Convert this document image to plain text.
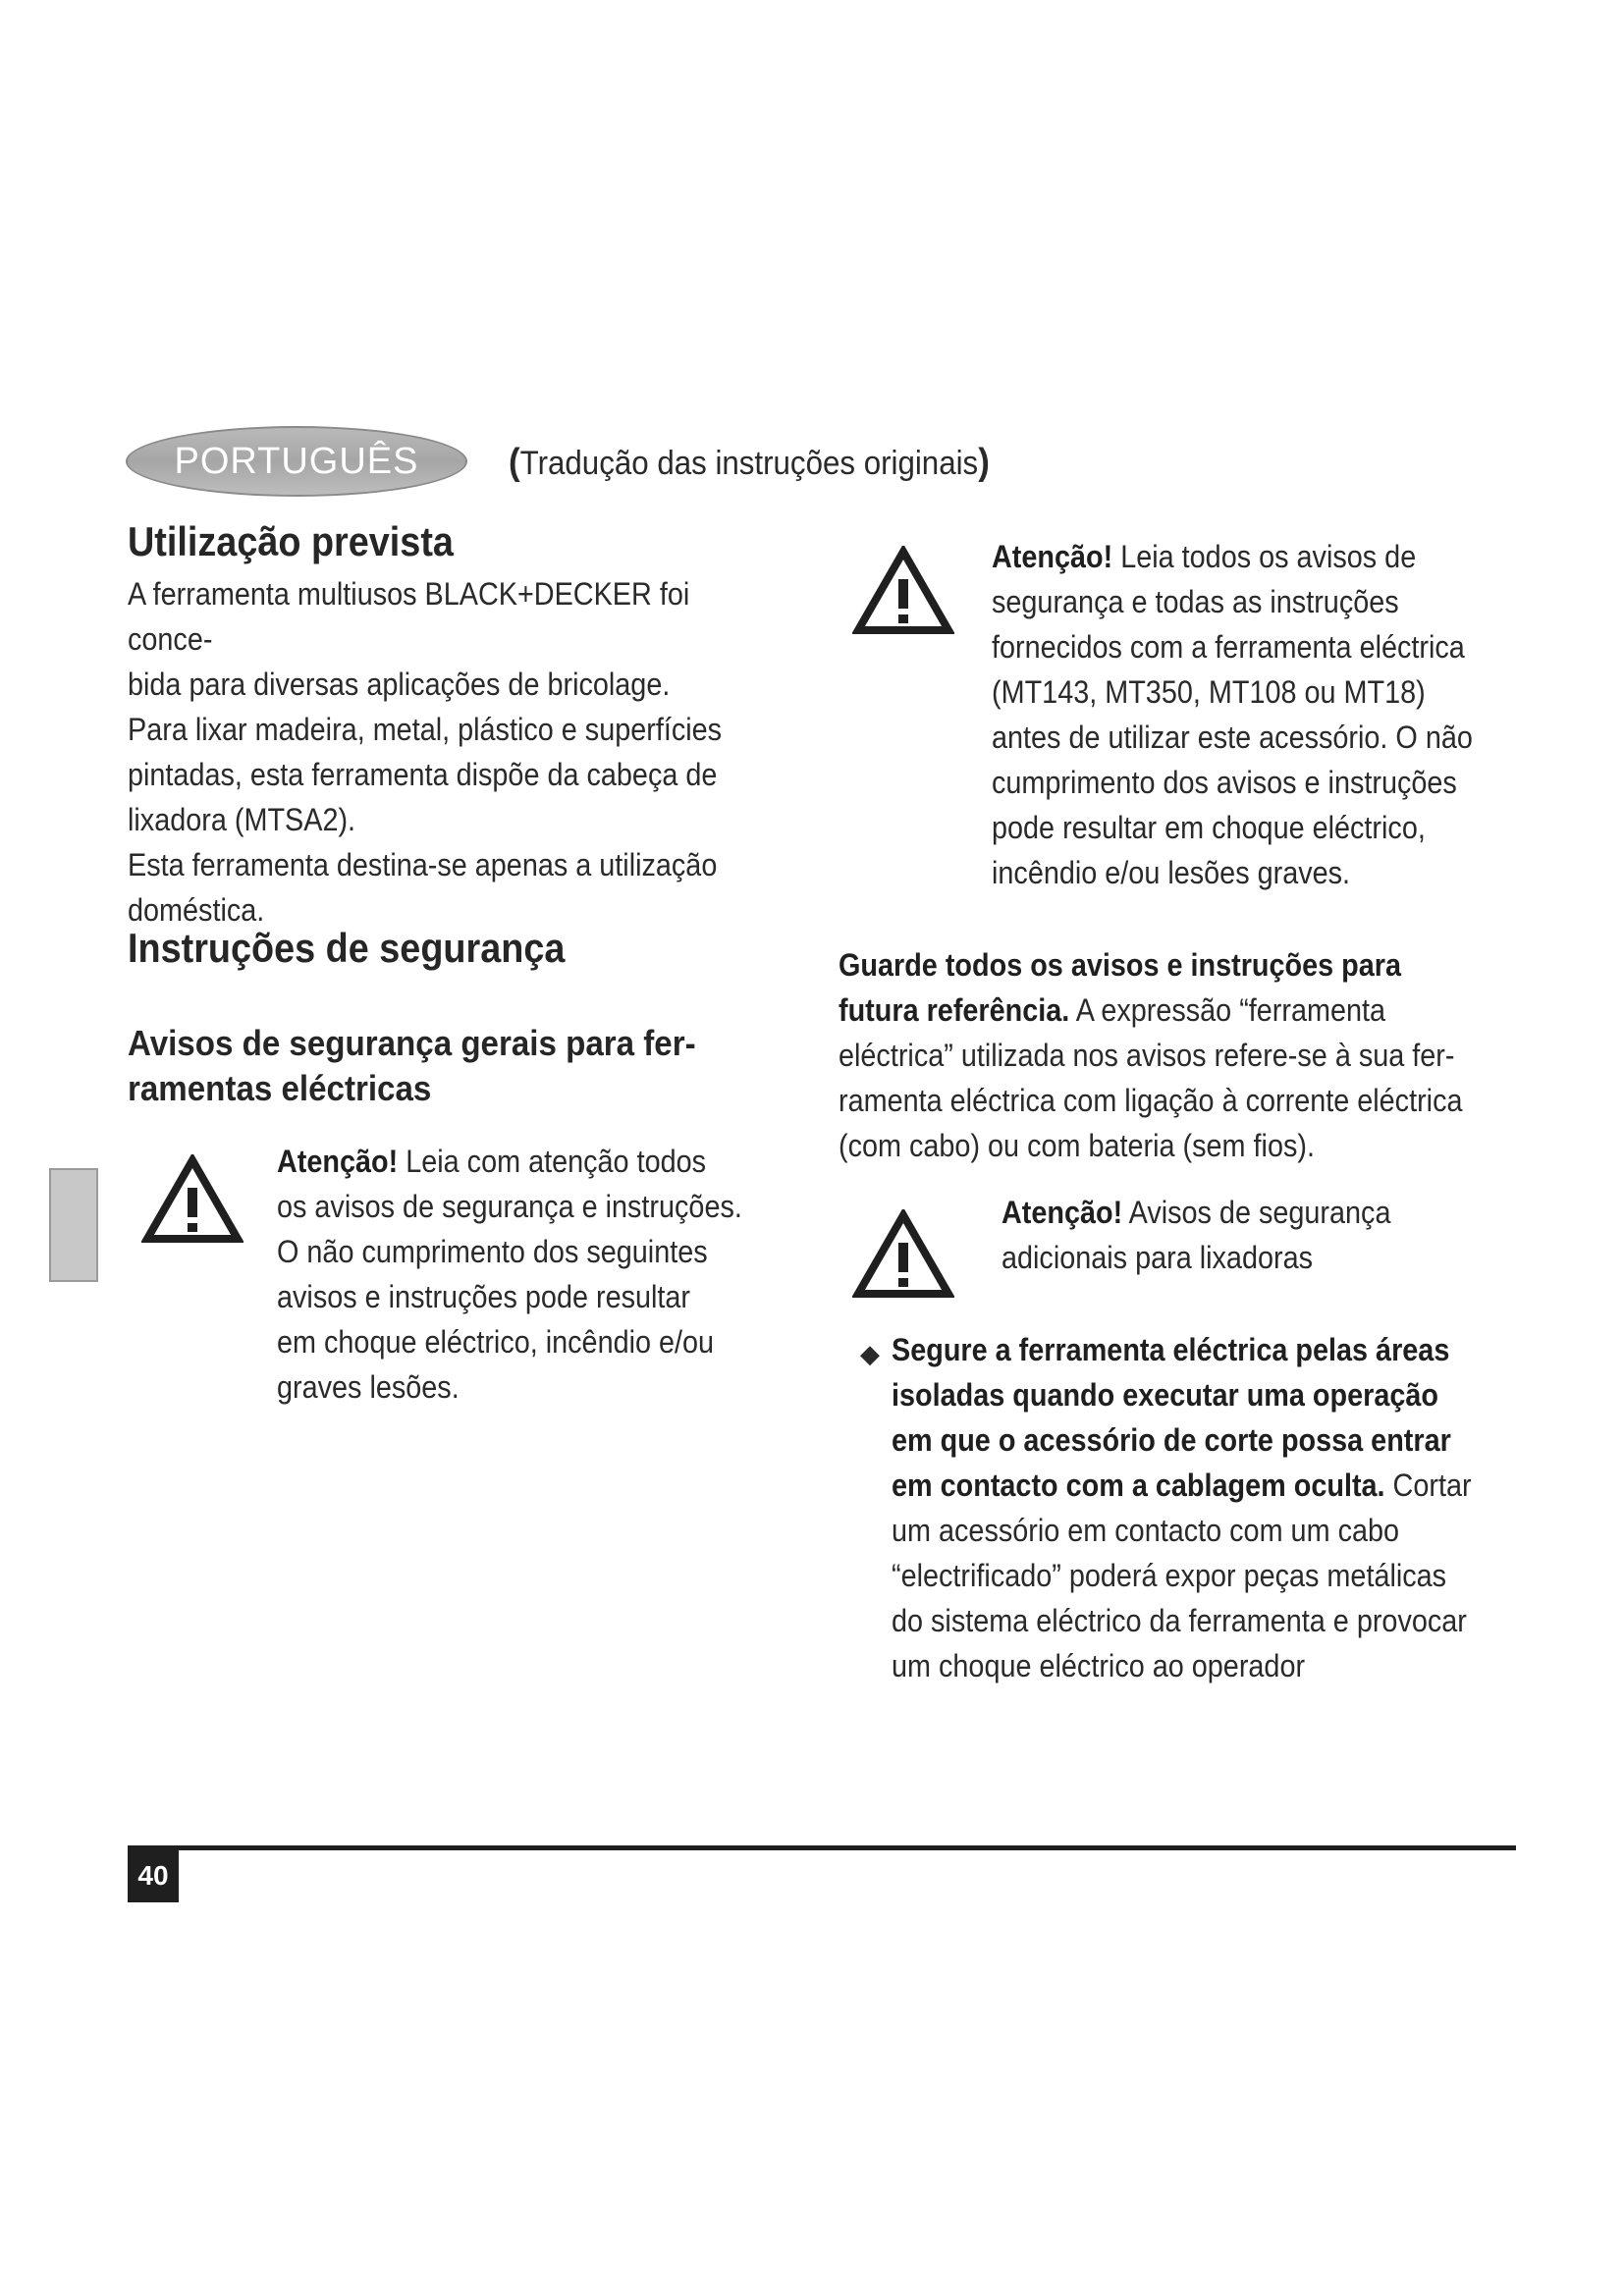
PORTUGUÊS (Tradução das instruções originais)
Utilização prevista
A ferramenta multiusos BLACK+DECKER foi conce-
bida para diversas aplicações de bricolage.
Para lixar madeira, metal, plástico e superfícies
pintadas, esta ferramenta dispõe da cabeça de
lixadora (MTSA2).
Esta ferramenta destina-se apenas a utilização
doméstica.
Instruções de segurança
Avisos de segurança gerais para fer-
ramentas eléctricas
Atenção! Leia com atenção todos
os avisos de segurança e instruções.
O não cumprimento dos seguintes
avisos e instruções pode resultar
em choque eléctrico, incêndio e/ou
graves lesões.
Atenção! Leia todos os avisos de
segurança e todas as instruções
fornecidos com a ferramenta eléctrica
(MT143, MT350, MT108 ou MT18)
antes de utilizar este acessório. O não
cumprimento dos avisos e instruções
pode resultar em choque eléctrico,
incêndio e/ou lesões graves.
Guarde todos os avisos e instruções para
futura referência. A expressão “ferramenta
eléctrica” utilizada nos avisos refere-se à sua fer-
ramenta eléctrica com ligação à corrente eléctrica
(com cabo) ou com bateria (sem fios).
Atenção! Avisos de segurança
adicionais para lixadoras
◆ Segure a ferramenta eléctrica pelas áreas
isoladas quando executar uma operação
em que o acessório de corte possa entrar
em contacto com a cablagem oculta. Cortar
um acessório em contacto com um cabo
“electrificado” poderá expor peças metálicas
do sistema eléctrico da ferramenta e provocar
um choque eléctrico ao operador
40
